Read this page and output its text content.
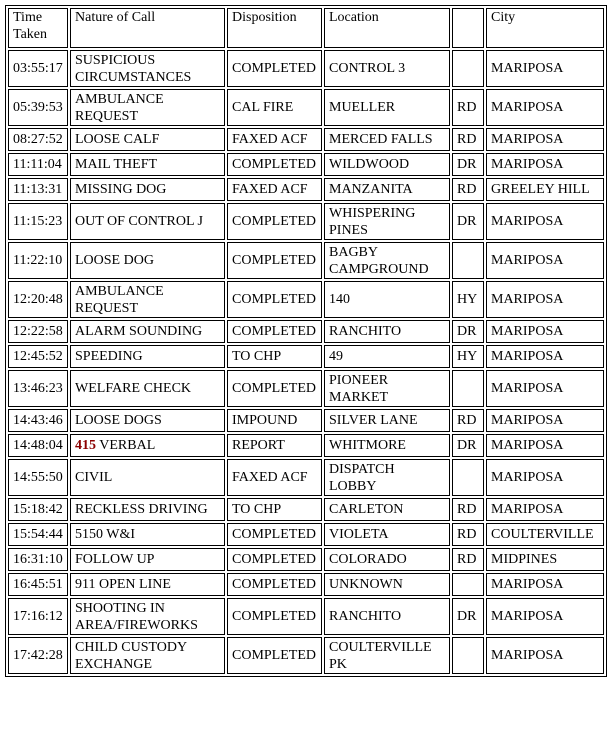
Time Taken	Nature of Call	Disposition	Location		City
03:55:17	SUSPICIOUS CIRCUMSTANCES	COMPLETED	CONTROL 3		MARIPOSA
05:39:53	AMBULANCE REQUEST	CAL FIRE	MUELLER	RD	MARIPOSA
08:27:52	LOOSE CALF	FAXED ACF	MERCED FALLS	RD	MARIPOSA
11:11:04	MAIL THEFT	COMPLETED	WILDWOOD	DR	MARIPOSA
11:13:31	MISSING DOG	FAXED ACF	MANZANITA	RD	GREELEY HILL
11:15:23	OUT OF CONTROL J	COMPLETED	WHISPERING PINES	DR	MARIPOSA
11:22:10	LOOSE DOG	COMPLETED	BAGBY CAMPGROUND		MARIPOSA
12:20:48	AMBULANCE REQUEST	COMPLETED	140	HY	MARIPOSA
12:22:58	ALARM SOUNDING	COMPLETED	RANCHITO	DR	MARIPOSA
12:45:52	SPEEDING	TO CHP	49	HY	MARIPOSA
13:46:23	WELFARE CHECK	COMPLETED	PIONEER MARKET		MARIPOSA
14:43:46	LOOSE DOGS	IMPOUND	SILVER LANE	RD	MARIPOSA
14:48:04	415 VERBAL	REPORT	WHITMORE	DR	MARIPOSA
14:55:50	CIVIL	FAXED ACF	DISPATCH LOBBY		MARIPOSA
15:18:42	RECKLESS DRIVING	TO CHP	CARLETON	RD	MARIPOSA
15:54:44	5150 W&I	COMPLETED	VIOLETA	RD	COULTERVILLE
16:31:10	FOLLOW UP	COMPLETED	COLORADO	RD	MIDPINES
16:45:51	911 OPEN LINE	COMPLETED	UNKNOWN		MARIPOSA
17:16:12	SHOOTING IN AREA/FIREWORKS	COMPLETED	RANCHITO	DR	MARIPOSA
17:42:28	CHILD CUSTODY EXCHANGE	COMPLETED	COULTERVILLE PK		MARIPOSA
